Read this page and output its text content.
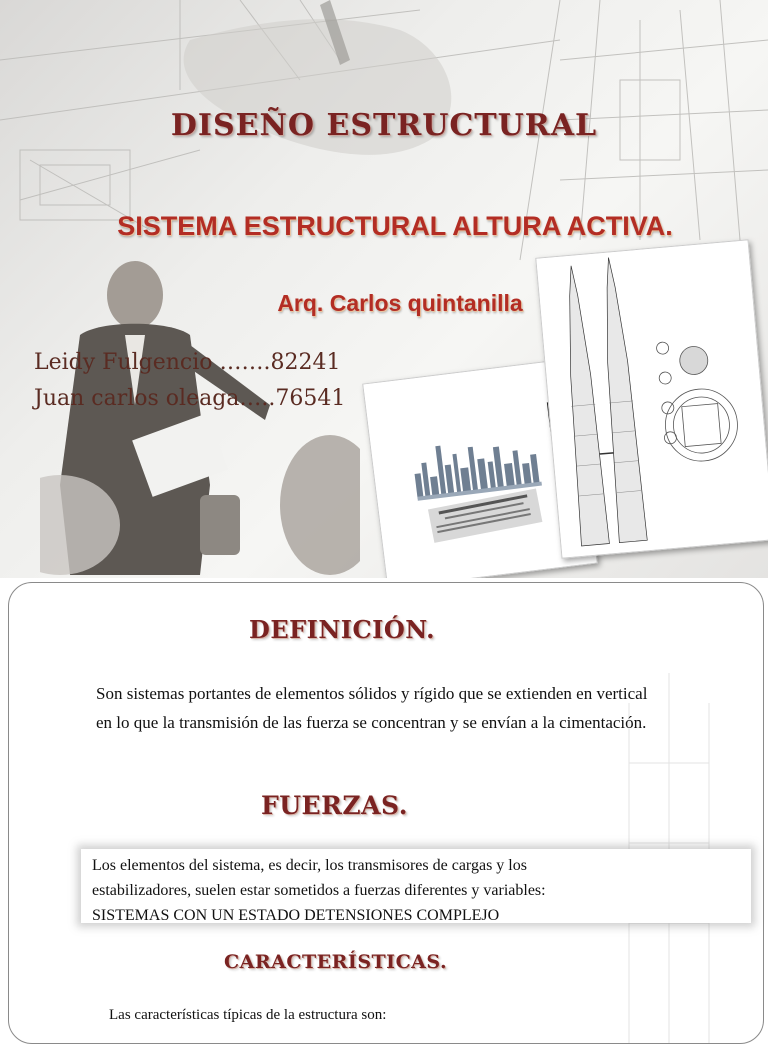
DISEÑO ESTRUCTURAL
SISTEMA ESTRUCTURAL ALTURA ACTIVA.
Arq. Carlos quintanilla
Leidy Fulgencio …….82241
Juan carlos oleaga…..76541
DEFINICIÓN.

Son sistemas portantes de elementos sólidos y rígido que se extienden en vertical en lo que la transmisión de las fuerza se concentran y se envían a la cimentación.

FUERZAS.
Los elementos del sistema, es decir, los transmisores de cargas y los
estabilizadores, suelen estar sometidos a fuerzas diferentes y variables:
SISTEMAS CON UN ESTADO DETENSIONES COMPLEJO
CARACTERÍSTICAS.

Las características típicas de la estructura son:
